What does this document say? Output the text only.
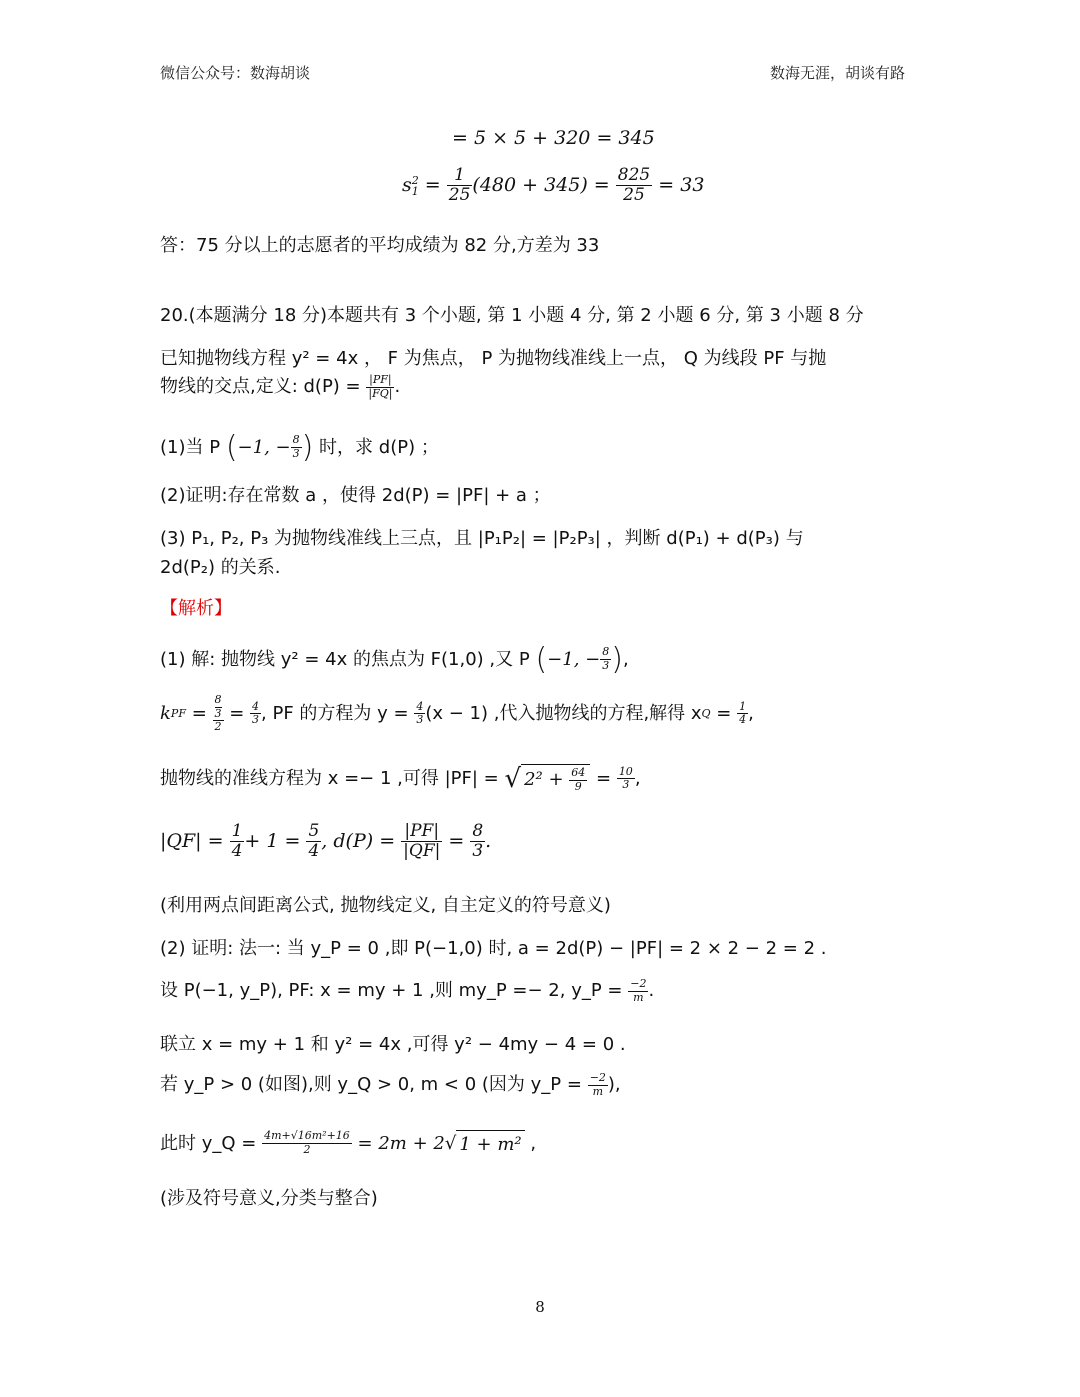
微信公众号：数海胡谈	数海无涯，胡谈有路
= 5 × 5 + 320 = 345
s 2
$1 = \frac{1}{25} (480 + 345) = \frac{825}{25}$
= 33
答：75 分以上的志愿者的平均成绩为 82 分,方差为 33
20.(本题满分 18 分)本题共有 3 个小题, 第 1 小题 4 分, 第 2 小题 6 分, 第 3 小题 8 分
已知抛物线方程 y² = 4x ， F 为焦点， P 为抛物线准线上一点， Q 为线段 PF 与抛
物线的交点,定义: d(P) =
$\frac{|PF|}{|FQ|}$ .
(1)当 P
( −1, − $\frac{8}{3}$ )
时，求 d(P) ；
(2)证明:存在常数 a ，使得 2d(P) = |PF| + a ；
(3) P₁, P₂, P₃ 为抛物线准线上三点，且 |P₁P₂| = |P₂P₃| ，判断 d(P₁) + d(P₃) 与
2d(P₂) 的关系.
【解析】
(1) 解: 抛物线 y² = 4x 的焦点为 F(1,0) ,又 P
( −1, − $\frac{8}{3}$ ) ,
k PF = $\frac{\frac{8}{3}}{2} = \frac{4}{3}$ , PF 的方程为 y =
$\frac{4}{3} (x - 1)$ ,代入抛物线的方程,解得 x $Q = \frac{1}{4}$ ,
抛物线的准线方程为 x =− 1 ,可得 |PF| =
√ $2^2 + \frac{64}{9} = \frac{10}{3}$ ,
|QF| =
$\frac{1}{4} + 1$ =
$\frac{5}{4}$ , d(P) =
$\frac{|PF|}{|QF|} = \frac{8}{3}$ .
(利用两点间距离公式, 抛物线定义, 自主定义的符号意义)
(2) 证明: 法一: 当 y_P = 0 ,即 P(−1,0) 时, a = 2d(P) − |PF| = 2 × 2 − 2 = 2 .
设 P(−1, y_P), PF: x = my + 1 ,则 my_P =− 2, y_P =
$\frac{-2}{m}$ .
联立 x = my + 1 和 y² = 4x ,可得 y² − 4my − 4 = 0 .
若 y_P > 0 (如图),则 y_Q > 0, m < 0 (因为 y_P =
$\frac{-2}{m}$ ),
此时 y_Q =
$\frac{\text{4m+√16m²+16}}{2}$
= 2m + 2 √ 1 + m²
,
(涉及符号意义,分类与整合)
8
